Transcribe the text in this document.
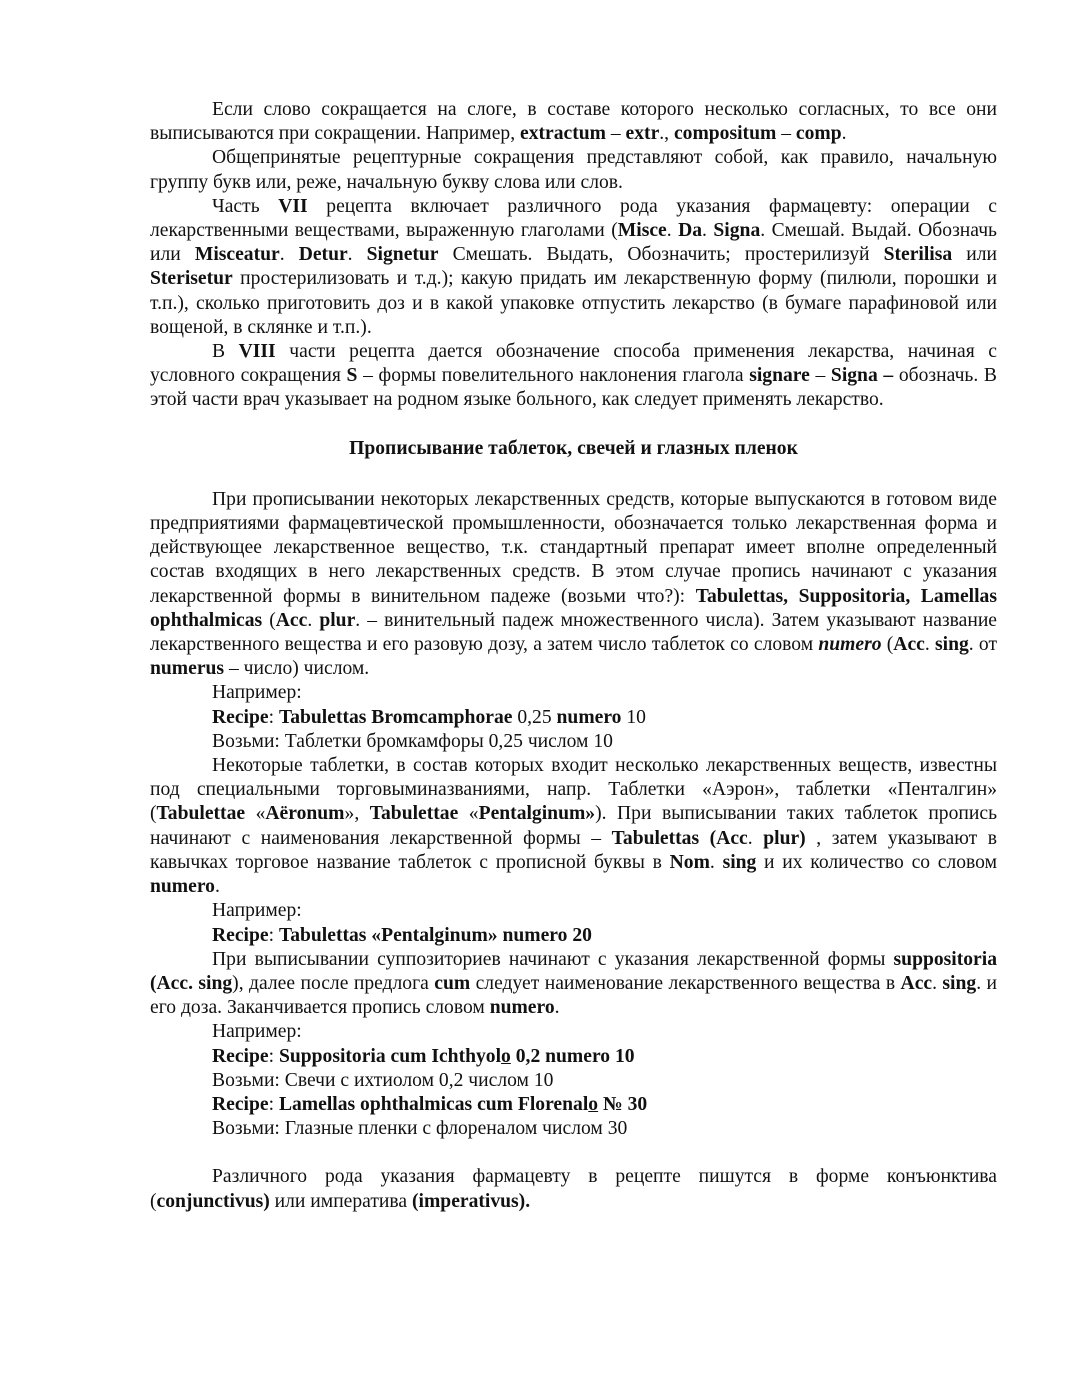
Если слово сокращается на слоге, в составе которого несколько согласных, то все они выписываются при сокращении. Например, extractum – extr., compositum – comp.

Общепринятые рецептурные сокращения представляют собой, как правило, начальную группу букв или, реже, начальную букву слова или слов.

Часть VII рецепта включает различного рода указания фармацевту: операции с лекарственными веществами, выраженную глаголами (Misce. Da. Signa. Смешай. Выдай. Обозначь или Misceatur. Detur. Signetur Смешать. Выдать, Обозначить; простерилизуй Sterilisa или Sterisetur простерилизовать и т.д.); какую придать им лекарственную форму (пилюли, порошки и т.п.), сколько приготовить доз и в какой упаковке отпустить лекарство (в бумаге парафиновой или вощеной, в склянке и т.п.).

В VIII части рецепта дается обозначение способа применения лекарства, начиная с условного сокращения S – формы повелительного наклонения глагола signare – Signa – обозначь. В этой части врач указывает на родном языке больного, как следует применять лекарство.

Прописывание таблеток, свечей и глазных пленок

При прописывании некоторых лекарственных средств, которые выпускаются в готовом виде предприятиями фармацевтической промышленности, обозначается только лекарственная форма и действующее лекарственное вещество, т.к. стандартный препарат имеет вполне определенный состав входящих в него лекарственных средств. В этом случае пропись начинают с указания лекарственной формы в винительном падеже (возьми что?): Tabulettas, Suppositoria, Lamellas ophthalmicas (Acc. plur. – винительный падеж множественного числа). Затем указывают название лекарственного вещества и его разовую дозу, а затем число таблеток со словом numero (Acc. sing. от numerus – число) числом.

Например:

Recipe: Tabulettas Bromcamphorae 0,25 numero 10

Возьми: Таблетки бромкамфоры 0,25 числом 10

Некоторые таблетки, в состав которых входит несколько лекарственных веществ, известны под специальными торговыминазваниями, напр. Таблетки «Аэрон», таблетки «Пенталгин» (Tabulettae «Aëronum», Tabulettae «Pentalginum»). При выписывании таких таблеток пропись начинают с наименования лекарственной формы – Tabulettas (Acc. plur) , затем указывают в кавычках торговое название таблеток с прописной буквы в Nom. sing и их количество со словом numero.

Например:

Recipe: Tabulettas «Pentalginum» numero 20

При выписывании суппозиториев начинают с указания лекарственной формы suppositoria (Acc. sing), далее после предлога cum следует наименование лекарственного вещества в Acc. sing. и его доза. Заканчивается пропись словом numero.

Например:

Recipe: Suppositoria cum Ichthyolo 0,2 numero 10

Возьми: Свечи с ихтиолом 0,2 числом 10

Recipe: Lamellas ophthalmicas cum Florenalo № 30

Возьми: Глазные пленки с флореналом числом 30

Различного рода указания фармацевту в рецепте пишутся в форме конъюнктива (conjunctivus) или императива (imperativus).
